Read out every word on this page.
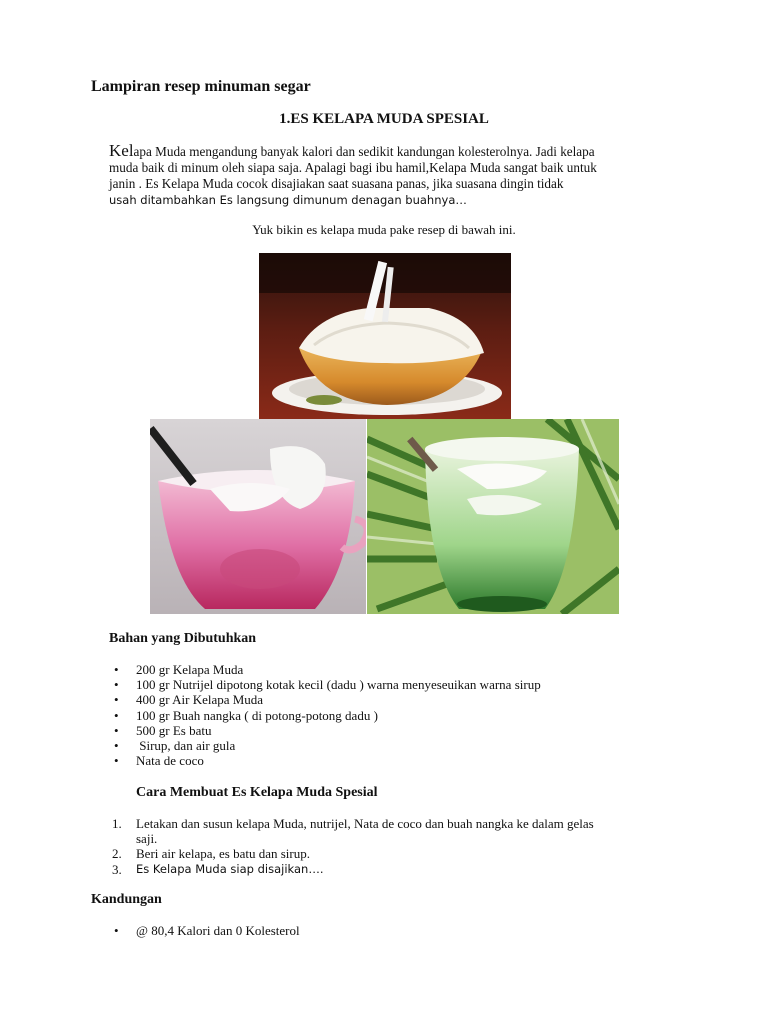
Lampiran resep minuman segar
1.ES KELAPA MUDA SPESIAL
Kelapa Muda mengandung banyak kalori dan sedikit kandungan kolesterolnya. Jadi kelapa
muda baik di minum oleh siapa saja. Apalagi bagi ibu hamil,Kelapa Muda sangat baik untuk
janin . Es Kelapa Muda cocok disajiakan saat suasana panas, jika suasana dingin tidak
usah ditambahkan Es langsung dimunum denagan buahnya…
Yuk bikin es kelapa muda pake resep di bawah ini.
Bahan yang Dibutuhkan
• 200 gr Kelapa Muda
• 100 gr Nutrijel dipotong kotak kecil (dadu ) warna menyeseuikan warna sirup
• 400 gr Air Kelapa Muda
• 100 gr Buah nangka ( di potong-potong dadu )
• 500 gr Es batu
•  Sirup, dan air gula
• Nata de coco
Cara Membuat Es Kelapa Muda Spesial
1. Letakan dan susun kelapa Muda, nutrijel, Nata de coco dan buah nangka ke dalam gelas
saji.
2. Beri air kelapa, es batu dan sirup.
3. Es Kelapa Muda siap disajikan….
Kandungan
• @ 80,4 Kalori dan 0 Kolesterol
